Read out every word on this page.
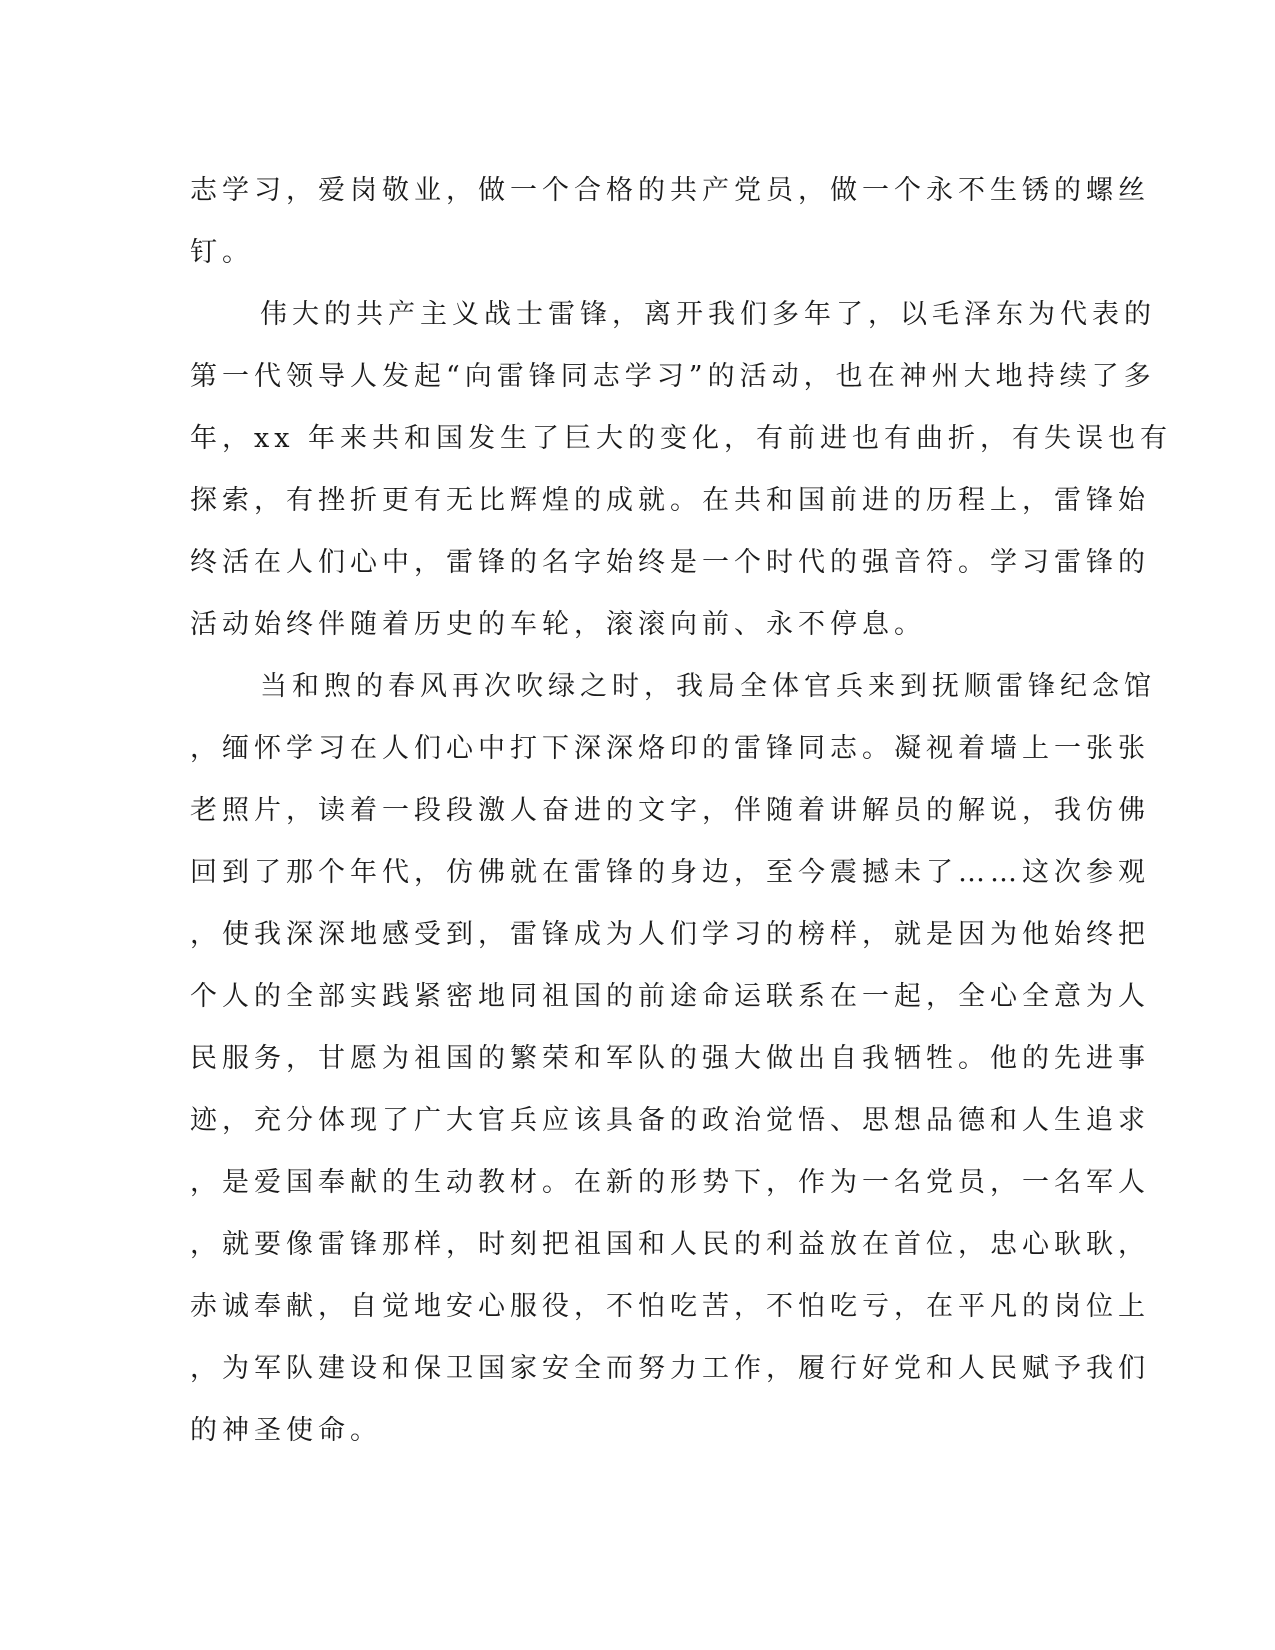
志学习，爱岗敬业，做一个合格的共产党员，做一个永不生锈的螺丝
钉。
伟大的共产主义战士雷锋，离开我们多年了，以毛泽东为代表的
第一代领导人发起“向雷锋同志学习”的活动，也在神州大地持续了多
年，xx 年来共和国发生了巨大的变化，有前进也有曲折，有失误也有
探索，有挫折更有无比辉煌的成就。在共和国前进的历程上，雷锋始
终活在人们心中，雷锋的名字始终是一个时代的强音符。学习雷锋的
活动始终伴随着历史的车轮，滚滚向前、永不停息。
当和煦的春风再次吹绿之时，我局全体官兵来到抚顺雷锋纪念馆
，缅怀学习在人们心中打下深深烙印的雷锋同志。凝视着墙上一张张
老照片，读着一段段激人奋进的文字，伴随着讲解员的解说，我仿佛
回到了那个年代，仿佛就在雷锋的身边，至今震撼未了……这次参观
，使我深深地感受到，雷锋成为人们学习的榜样，就是因为他始终把
个人的全部实践紧密地同祖国的前途命运联系在一起，全心全意为人
民服务，甘愿为祖国的繁荣和军队的强大做出自我牺牲。他的先进事
迹，充分体现了广大官兵应该具备的政治觉悟、思想品德和人生追求
，是爱国奉献的生动教材。在新的形势下，作为一名党员，一名军人
，就要像雷锋那样，时刻把祖国和人民的利益放在首位，忠心耿耿，
赤诚奉献，自觉地安心服役，不怕吃苦，不怕吃亏，在平凡的岗位上
，为军队建设和保卫国家安全而努力工作，履行好党和人民赋予我们
的神圣使命。
